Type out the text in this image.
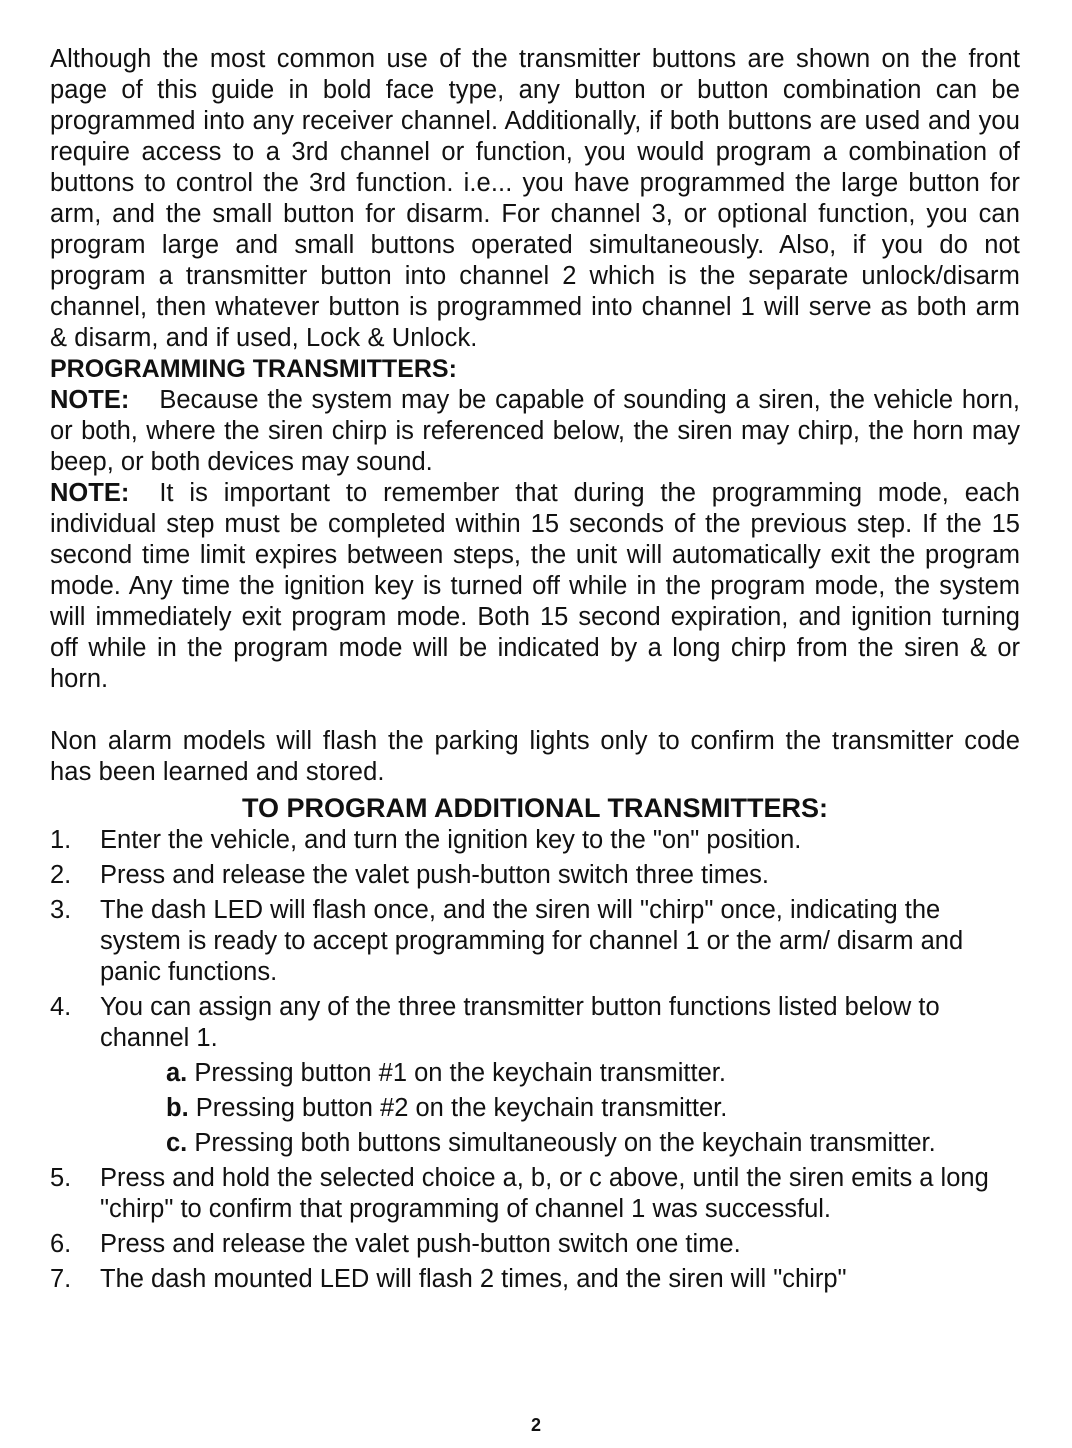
Although the most common use of the transmitter buttons are shown on the front page of this guide in bold face type, any button or button combination can be programmed into any receiver channel. Additionally, if both buttons are used and you require access to a 3rd channel or function, you would program a combination of buttons to control the 3rd function. i.e... you have programmed the large button for arm, and the small button for disarm. For channel 3, or optional function, you can program large and small buttons operated simultaneously. Also, if you do not program a transmitter button into channel 2 which is the separate unlock/disarm channel, then whatever button is programmed into channel 1 will serve as both arm & disarm, and if used, Lock & Unlock.

PROGRAMMING TRANSMITTERS:

NOTE: Because the system may be capable of sounding a siren, the vehicle horn, or both, where the siren chirp is referenced below, the siren may chirp, the horn may beep, or both devices may sound.

NOTE: It is important to remember that during the programming mode, each individual step must be completed within 15 seconds of the previous step. If the 15 second time limit expires between steps, the unit will automatically exit the program mode. Any time the ignition key is turned off while in the program mode, the system will immediately exit program mode. Both 15 second expiration, and ignition turning off while in the program mode will be indicated by a long chirp from the siren & or horn.

Non alarm models will flash the parking lights only to confirm the transmitter code has been learned and stored.

TO PROGRAM ADDITIONAL TRANSMITTERS:

1. Enter the vehicle, and turn the ignition key to the "on" position.
2. Press and release the valet push-button switch three times.
3. The dash LED will flash once, and the siren will "chirp" once, indicating the system is ready to accept programming for channel 1 or the arm/ disarm and panic functions.
4. You can assign any of the three transmitter button functions listed below to channel 1.

a. Pressing button #1 on the keychain transmitter.

b. Pressing button #2 on the keychain transmitter.

c. Pressing both buttons simultaneously on the keychain transmitter.

5. Press and hold the selected choice a, b, or c above, until the siren emits a long "chirp" to confirm that programming of channel 1 was successful.
6. Press and release the valet push-button switch one time.
7. The dash mounted LED will flash 2 times, and the siren will "chirp"
2
